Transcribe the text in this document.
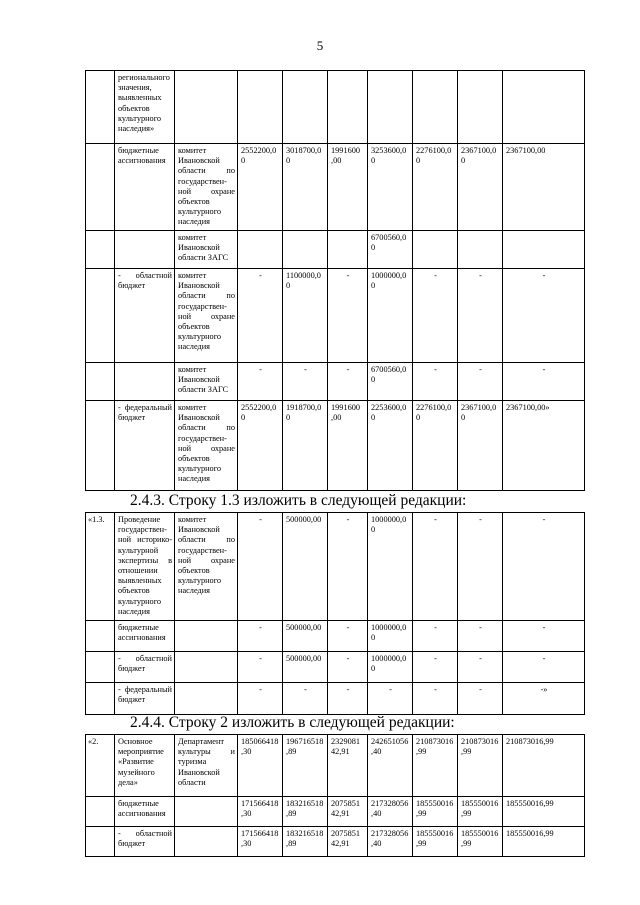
5
	регионального значения, выявленных объектов культурного наследия»								
	бюджетные ассигнования	комитет Ивановской области по государствен-ной охране объектов культурного наследия	2552200,0 0	3018700,0 0	1991600 ,00	3253600,0 0	2276100,0 0	2367100,0 0	2367100,00
		комитет Ивановской области ЗАГС				6700560,0 0			
	- областной бюджет	комитет Ивановской области по государствен-ной охране объектов культурного наследия	-	1100000,0 0	-	1000000,0 0	-	-	-
		комитет Ивановской области ЗАГС	-	-	-	6700560,0 0	-	-	-
	- федеральный бюджет	комитет Ивановской области по государствен-ной охране объектов культурного наследия	2552200,0 0	1918700,0 0	1991600 ,00	2253600,0 0	2276100,0 0	2367100,0 0	2367100,00»
2.4.3. Строку 1.3 изложить в следующей редакции:
«1.3.	Проведение государствен-ной историко-культурной экспертизы в отношении выявленных объектов культурного наследия	комитет Ивановской области по государствен-ной охране объектов культурного наследия	-	500000,00	-	1000000,0 0	-	-	-
	бюджетные ассигнования		-	500000,00	-	1000000,0 0	-	-	-
	- областной бюджет		-	500000,00	-	1000000,0 0	-	-	-
	- федеральный бюджет		-	-	-	-	-	-	-»
2.4.4. Строку 2 изложить в следующей редакции:
«2.	Основное мероприятие «Развитие музейного дела»	Департамент культуры и туризма Ивановской области	185066418 ,30	196716518 ,89	2329081 42,91	242651056 ,40	210873016 ,99	210873016 ,99	210873016,99
	бюджетные ассигнования		171566418 ,30	183216518 ,89	2075851 42,91	217328056 ,40	185550016 ,99	185550016 ,99	185550016,99
	- областной бюджет		171566418 ,30	183216518 ,89	2075851 42,91	217328056 ,40	185550016 ,99	185550016 ,99	185550016,99
